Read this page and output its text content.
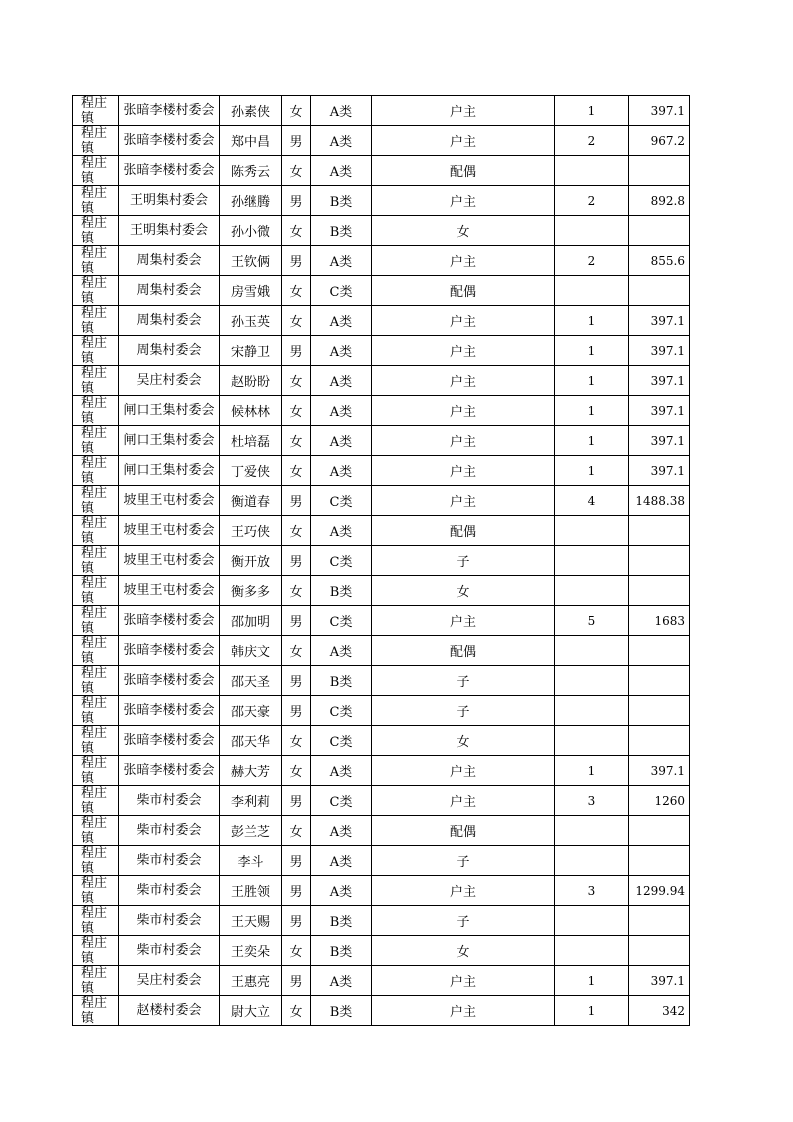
程庄镇	张暗李楼村委会	孙素侠	女	A类	户主	1	397.1

程庄镇	张暗李楼村委会	郑中昌	男	A类	户主	2	967.2

程庄镇	张暗李楼村委会	陈秀云	女	A类	配偶		

程庄镇	王明集村委会	孙继腾	男	B类	户主	2	892.8

程庄镇	王明集村委会	孙小微	女	B类	女		

程庄镇	周集村委会	王钦俩	男	A类	户主	2	855.6

程庄镇	周集村委会	房雪娥	女	C类	配偶		

程庄镇	周集村委会	孙玉英	女	A类	户主	1	397.1

程庄镇	周集村委会	宋静卫	男	A类	户主	1	397.1

程庄镇	吴庄村委会	赵盼盼	女	A类	户主	1	397.1

程庄镇	闸口王集村委会	候林林	女	A类	户主	1	397.1

程庄镇	闸口王集村委会	杜培磊	女	A类	户主	1	397.1

程庄镇	闸口王集村委会	丁爱侠	女	A类	户主	1	397.1

程庄镇	坡里王屯村委会	衡道春	男	C类	户主	4	1488.38

程庄镇	坡里王屯村委会	王巧侠	女	A类	配偶		

程庄镇	坡里王屯村委会	衡开放	男	C类	子		

程庄镇	坡里王屯村委会	衡多多	女	B类	女		

程庄镇	张暗李楼村委会	邵加明	男	C类	户主	5	1683

程庄镇	张暗李楼村委会	韩庆文	女	A类	配偶		

程庄镇	张暗李楼村委会	邵天圣	男	B类	子		

程庄镇	张暗李楼村委会	邵天豪	男	C类	子		

程庄镇	张暗李楼村委会	邵天华	女	C类	女		

程庄镇	张暗李楼村委会	赫大芳	女	A类	户主	1	397.1

程庄镇	柴市村委会	李利莉	男	C类	户主	3	1260

程庄镇	柴市村委会	彭兰芝	女	A类	配偶		

程庄镇	柴市村委会	李斗	男	A类	子		

程庄镇	柴市村委会	王胜领	男	A类	户主	3	1299.94

程庄镇	柴市村委会	王天赐	男	B类	子		

程庄镇	柴市村委会	王奕朵	女	B类	女		

程庄镇	吴庄村委会	王惠亮	男	A类	户主	1	397.1

程庄镇	赵楼村委会	尉大立	女	B类	户主	1	342
